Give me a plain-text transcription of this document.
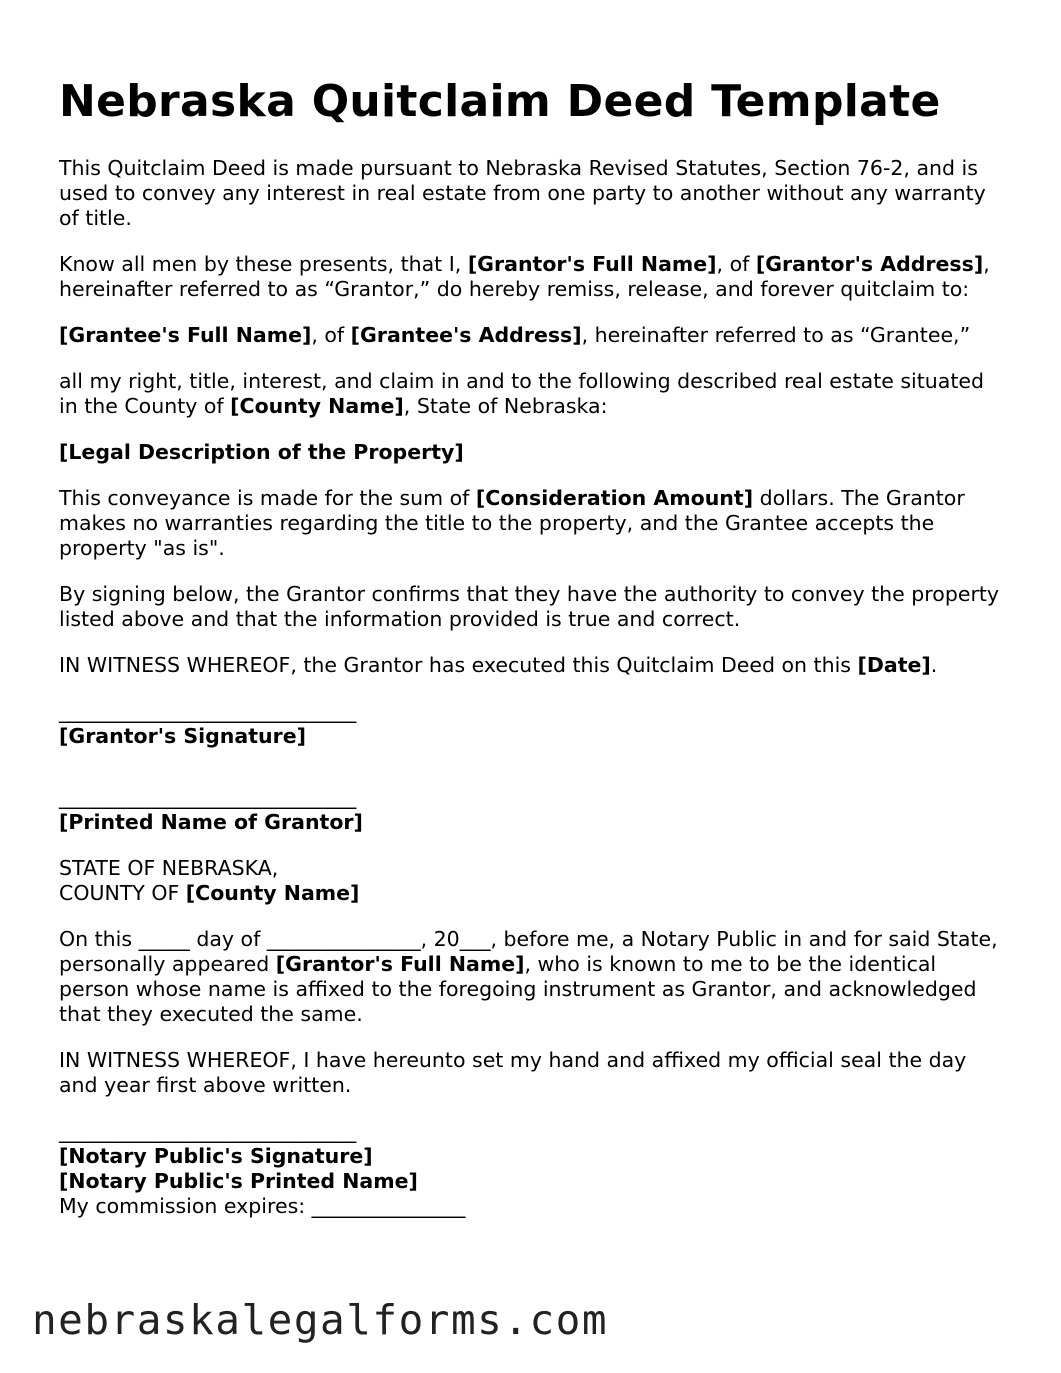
Nebraska Quitclaim Deed Template

This Quitclaim Deed is made pursuant to Nebraska Revised Statutes, Section 76-2, and is used to convey any interest in real estate from one party to another without any warranty of title.

Know all men by these presents, that I, [Grantor's Full Name], of [Grantor's Address], hereinafter referred to as “Grantor,” do hereby remiss, release, and forever quitclaim to:

[Grantee's Full Name], of [Grantee's Address], hereinafter referred to as “Grantee,”

all my right, title, interest, and claim in and to the following described real estate situated in the County of [County Name], State of Nebraska:

[Legal Description of the Property]

This conveyance is made for the sum of [Consideration Amount] dollars. The Grantor makes no warranties regarding the title to the property, and the Grantee accepts the property "as is".

By signing below, the Grantor confirms that they have the authority to convey the property listed above and that the information provided is true and correct.

IN WITNESS WHEREOF, the Grantor has executed this Quitclaim Deed on this [Date].

_____________________________
[Grantor's Signature]
_____________________________
[Printed Name of Grantor]

STATE OF NEBRASKA,
COUNTY OF [County Name]

On this _____ day of _______________, 20___, before me, a Notary Public in and for said State, personally appeared [Grantor's Full Name], who is known to me to be the identical person whose name is affixed to the foregoing instrument as Grantor, and acknowledged that they executed the same.

IN WITNESS WHEREOF, I have hereunto set my hand and affixed my official seal the day and year first above written.

_____________________________
[Notary Public's Signature]
[Notary Public's Printed Name]
My commission expires: _______________
nebraskalegalforms.com
